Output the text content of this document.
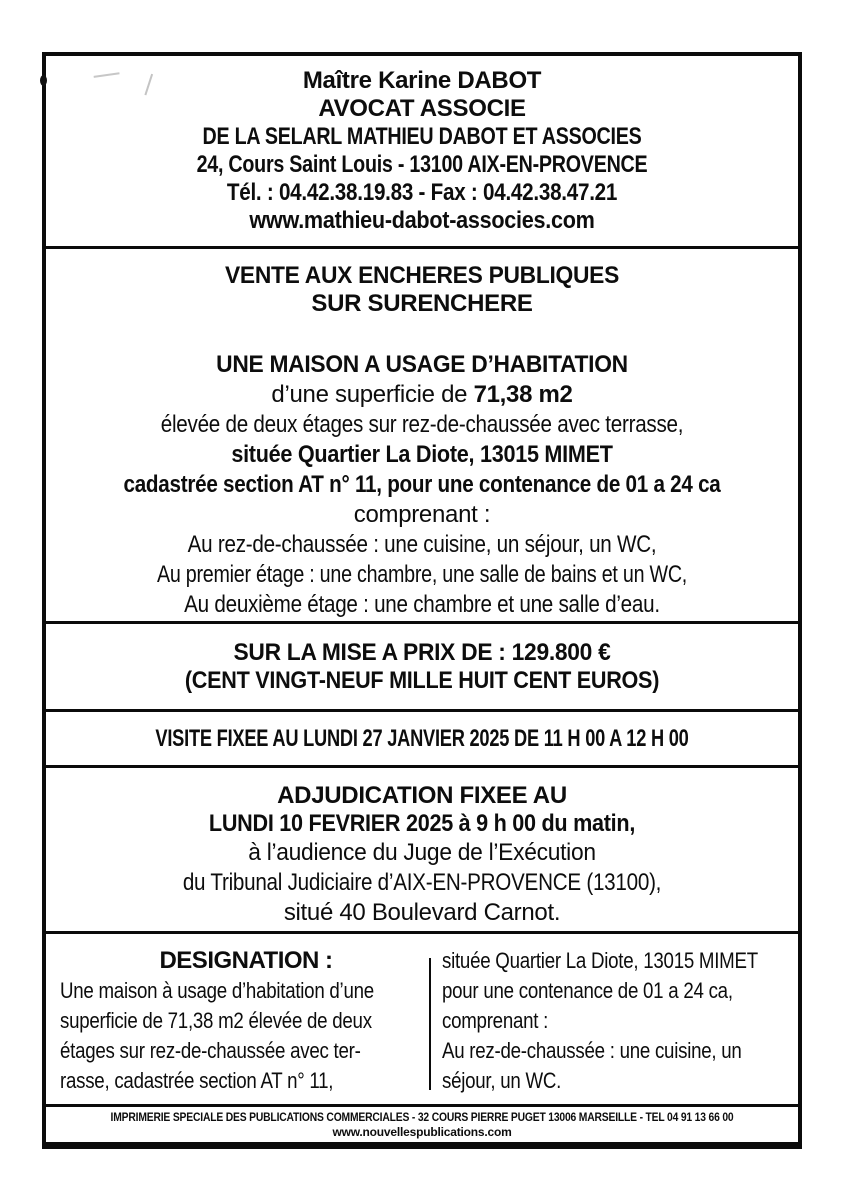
Maître Karine DABOT
AVOCAT ASSOCIE
DE LA SELARL MATHIEU DABOT ET ASSOCIES
24, Cours Saint Louis - 13100 AIX-EN-PROVENCE
Tél. : 04.42.38.19.83 - Fax : 04.42.38.47.21
www.mathieu-dabot-associes.com
VENTE AUX ENCHERES PUBLIQUES
SUR SURENCHERE
UNE MAISON A USAGE D’HABITATION
d’une superficie de 71,38 m2
élevée de deux étages sur rez-de-chaussée avec terrasse,
située Quartier La Diote, 13015 MIMET
cadastrée section AT n° 11, pour une contenance de 01 a 24 ca
comprenant :
Au rez-de-chaussée : une cuisine, un séjour, un WC,
Au premier étage : une chambre, une salle de bains et un WC,
Au deuxième étage : une chambre et une salle d’eau.
SUR LA MISE A PRIX DE : 129.800 €
(CENT VINGT-NEUF MILLE HUIT CENT EUROS)
VISITE FIXEE AU LUNDI 27 JANVIER 2025 DE 11 H 00 A 12 H 00
ADJUDICATION FIXEE AU
LUNDI 10 FEVRIER 2025 à 9 h 00 du matin,
à l’audience du Juge de l’Exécution
du Tribunal Judiciaire d’AIX-EN-PROVENCE (13100),
situé 40 Boulevard Carnot.
DESIGNATION :
Une maison à usage d’habitation d’une
superficie de 71,38 m2 élevée de deux
étages sur rez-de-chaussée avec ter-
rasse, cadastrée section AT n° 11,
située Quartier La Diote, 13015 MIMET
pour une contenance de 01 a 24 ca,
comprenant :
Au rez-de-chaussée : une cuisine, un
séjour, un WC.
IMPRIMERIE SPECIALE DES PUBLICATIONS COMMERCIALES - 32 COURS PIERRE PUGET 13006 MARSEILLE - TEL 04 91 13 66 00
www.nouvellespublications.com
